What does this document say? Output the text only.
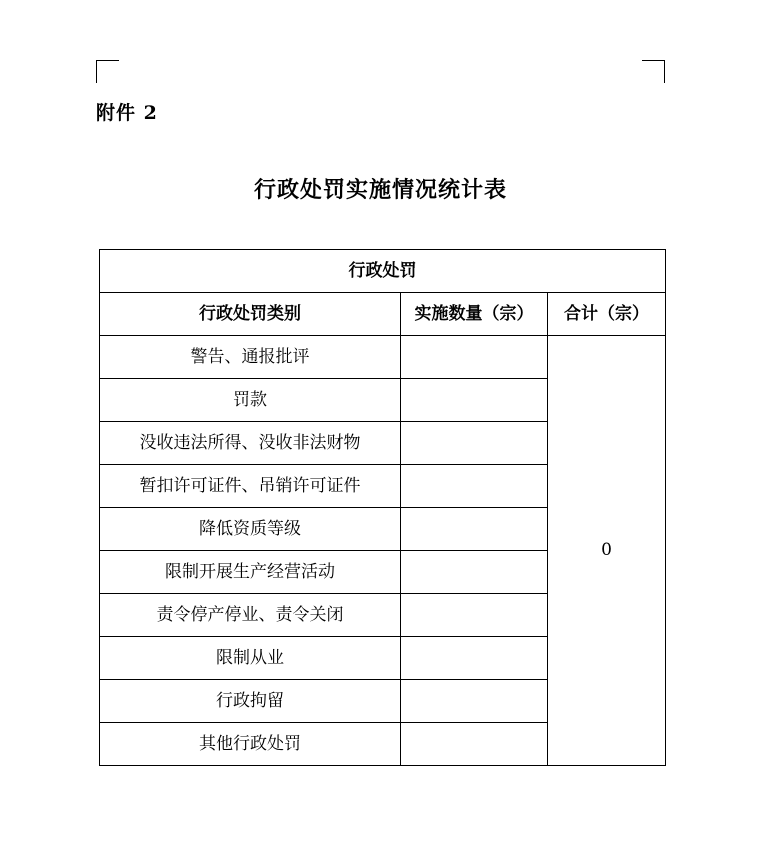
附件 2
行政处罚实施情况统计表
行政处罚		
行政处罚类别	实施数量（宗）	合计（宗）
警告、通报批评		0
罚款		
没收违法所得、没收非法财物		
暂扣许可证件、吊销许可证件		
降低资质等级		
限制开展生产经营活动		
责令停产停业、责令关闭		
限制从业		
行政拘留		
其他行政处罚		
